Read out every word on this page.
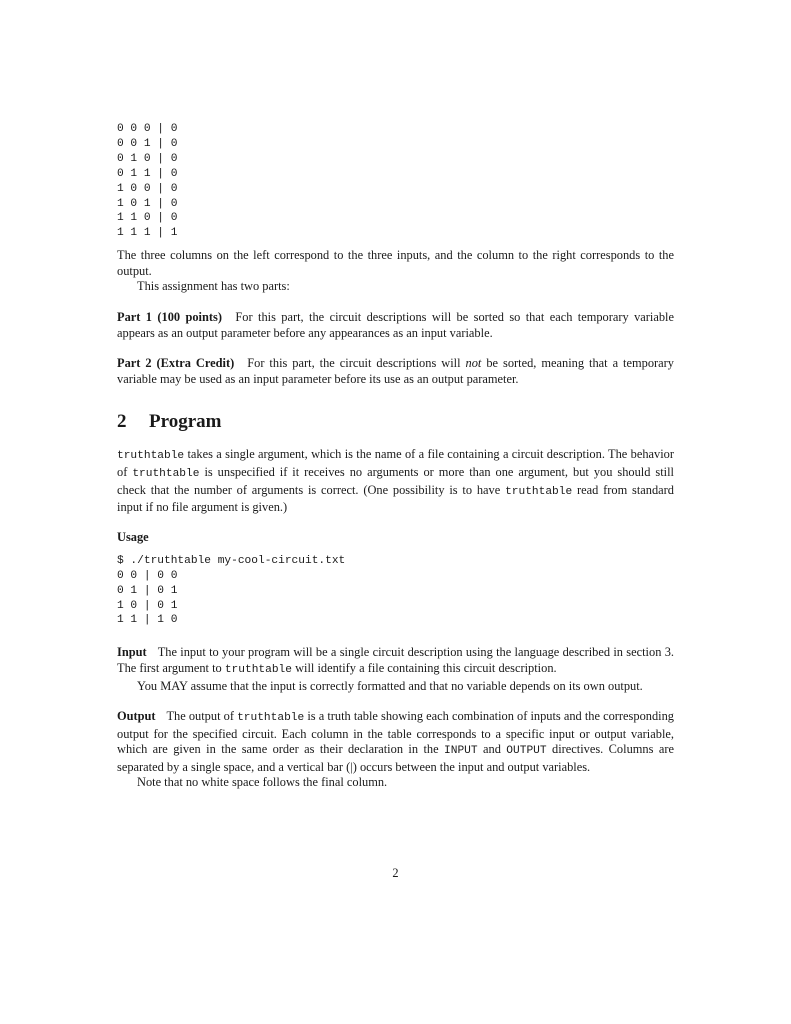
0 0 0 | 0
0 0 1 | 0
0 1 0 | 0
0 1 1 | 0
1 0 0 | 0
1 0 1 | 0
1 1 0 | 0
1 1 1 | 1

The three columns on the left correspond to the three inputs, and the column to the right corresponds to the output.

This assignment has two parts:

Part 1 (100 points) For this part, the circuit descriptions will be sorted so that each temporary variable appears as an output parameter before any appearances as an input variable.

Part 2 (Extra Credit) For this part, the circuit descriptions will not be sorted, meaning that a temporary variable may be used as an input parameter before its use as an output parameter.

2 Program

truthtable takes a single argument, which is the name of a file containing a circuit description. The behavior of truthtable is unspecified if it receives no arguments or more than one argument, but you should still check that the number of arguments is correct. (One possibility is to have truthtable read from standard input if no file argument is given.)

Usage
$ ./truthtable my-cool-circuit.txt
0 0 | 0 0
0 1 | 0 1
1 0 | 0 1
1 1 | 1 0

Input The input to your program will be a single circuit description using the language described in section 3. The first argument to truthtable will identify a file containing this circuit description.

You MAY assume that the input is correctly formatted and that no variable depends on its own output.

Output The output of truthtable is a truth table showing each combination of inputs and the corresponding output for the specified circuit. Each column in the table corresponds to a specific input or output variable, which are given in the same order as their declaration in the INPUT and OUTPUT directives. Columns are separated by a single space, and a vertical bar (|) occurs between the input and output variables.

Note that no white space follows the final column.

2
